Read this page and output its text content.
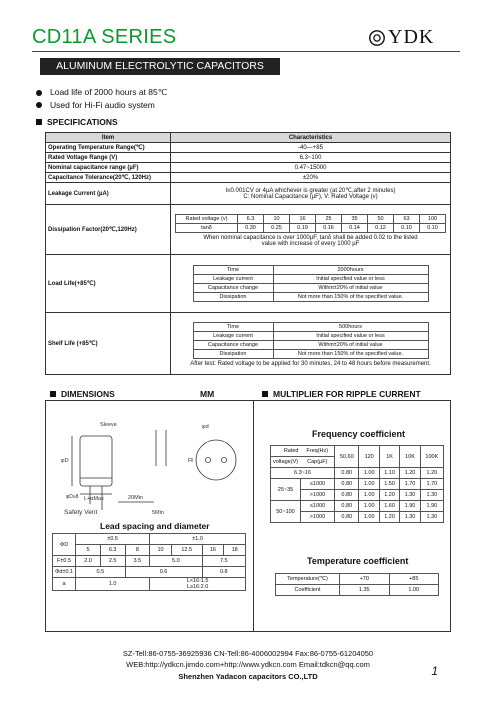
CD11A SERIES	YDK
ALUMINUM ELECTROLYTIC CAPACITORS
Load life of 2000 hours at 85℃
Used for Hi-Fi audio system
SPECIFICATIONS
Item	Characteristics
Operating Temperature Range(℃)	-40—+85
Rated Voltage Range (V)	6.3~100
Nominal capacitance range (µF)	0.47~15000
Capacitance Tolerance(20℃, 120Hz)	±20%
Leakage Current (µA)	I≤0.001CV or 4µA whichever is greater (at 20℃,after 2 minutes)
C: Nominal Capacitance (µF), V: Rated Voltage (v)

Dissipation Factor(20℃,120Hz)	
Rated voltage (v)	6.3	10	16	25	35	50	63	100
tanδ	0.30	0.25	0.19	0.16	0.14	0.12	0.10	0.10
When nominal capacitance is over 1000µF, tanδ shall be added 0.02 to the listed
value with increase of every 1000 µF

Load Life(+85℃)	
Time	2000hours
Leakage current	Initial specified value or less
Capacitance change	Within±20% of initial value
Dissipation	Not more than 150% of the specified value.

Shelf Life (+85℃)	
Time	500hours
Leakage current	Initial specified value or less
Capacitance change	Within±20% of initial value
Dissipation	Not more than 150% of the specified value.
After test: Rated voltage to be applied for 30 minutes, 24 to 48 hours before measurement.
DIMENSIONS	MM	MULTIPLIER FOR RIPPLE CURRENT
Sleeve	φd
φD
L+αMax	20Min
5Min
F
φD≥8
Safety Vent
Lead spacing and diameter
ΦD	±0.5			±1.0			
	5	6.3	8	10	12.5	16	18
F±0.5	2.0	2.5	3.5	5.0		7.5	
Φd±0.1	0.5		0.6			0.8	
a	1.0			L<16:1.5
L≥16:2.0			
Frequency coefficient
Rated	Freq(Hz)	50,60	120	1K	10K	100K
voltage(V)	Cap(µF)					
6.3~16		0.80	1.00	1.10	1.20	1.20
25~35	≤1000	0.80	1.00	1.50	1.70	1.70
	>1000	0.80	1.00	1.20	1.30	1.30
50~100	≤1000	0.80	1.00	1.60	1.90	1.90
	>1000	0.80	1.00	1.20	1.30	1.30
Temperature coefficient
Temperature(℃)	+70	+85
Coefficient	1.35	1.00
SZ-Tell:86-0755-36925936 CN-Tell:86-4006002994 Fax:86-0755-61204050
WEB:http://ydkcn.jimdo.com+http://www.ydkcn.com Email:tdkcn@qq.com
Shenzhen Yadacon capacitors CO.,LTD	1
